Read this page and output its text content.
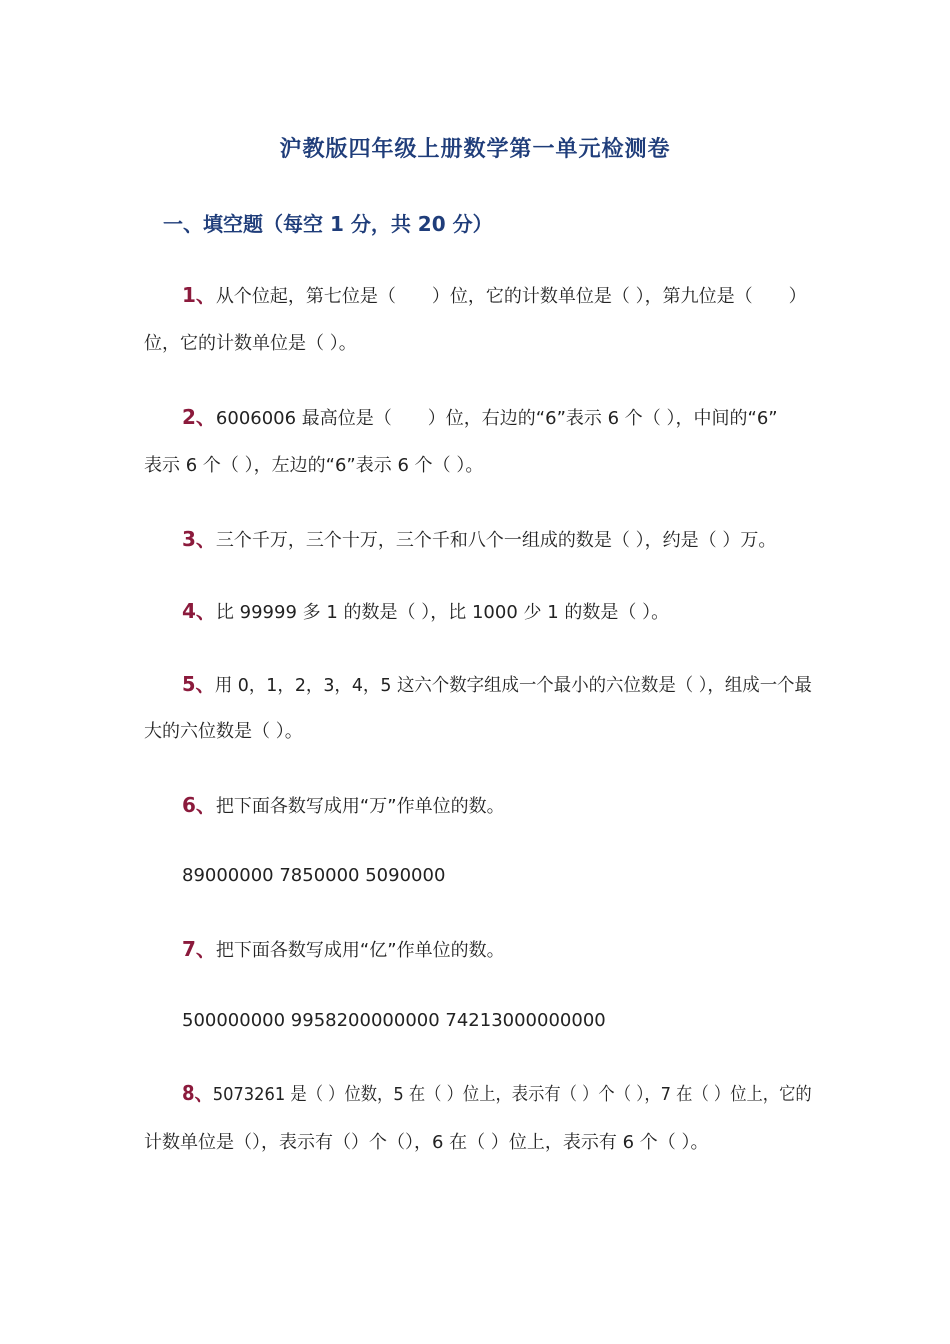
沪教版四年级上册数学第一单元检测卷
一、填空题（每空 1 分，共 20 分）
1、从个位起，第七位是（　　）位，它的计数单位是（ ），第九位是（　　）
位，它的计数单位是（ ）。
2、6006006 最高位是（　　）位，右边的“6”表示 6 个（ ），中间的“6”
表示 6 个（ ），左边的“6”表示 6 个（ ）。
3、三个千万，三个十万，三个千和八个一组成的数是（ ），约是（ ）万。
4、比 99999 多 1 的数是（ ），比 1000 少 1 的数是（ ）。
5、用 0，1，2，3，4，5 这六个数字组成一个最小的六位数是（ ），组成一个最
大的六位数是（ ）。
6、把下面各数写成用“万”作单位的数。
89000000 7850000 5090000
7、把下面各数写成用“亿”作单位的数。
500000000 9958200000000 74213000000000
8、5073261 是（ ）位数，5 在（ ）位上，表示有（ ）个（ ），7 在（ ）位上，它的
计数单位是（），表示有（）个（），6 在（ ）位上，表示有 6 个（ ）。
